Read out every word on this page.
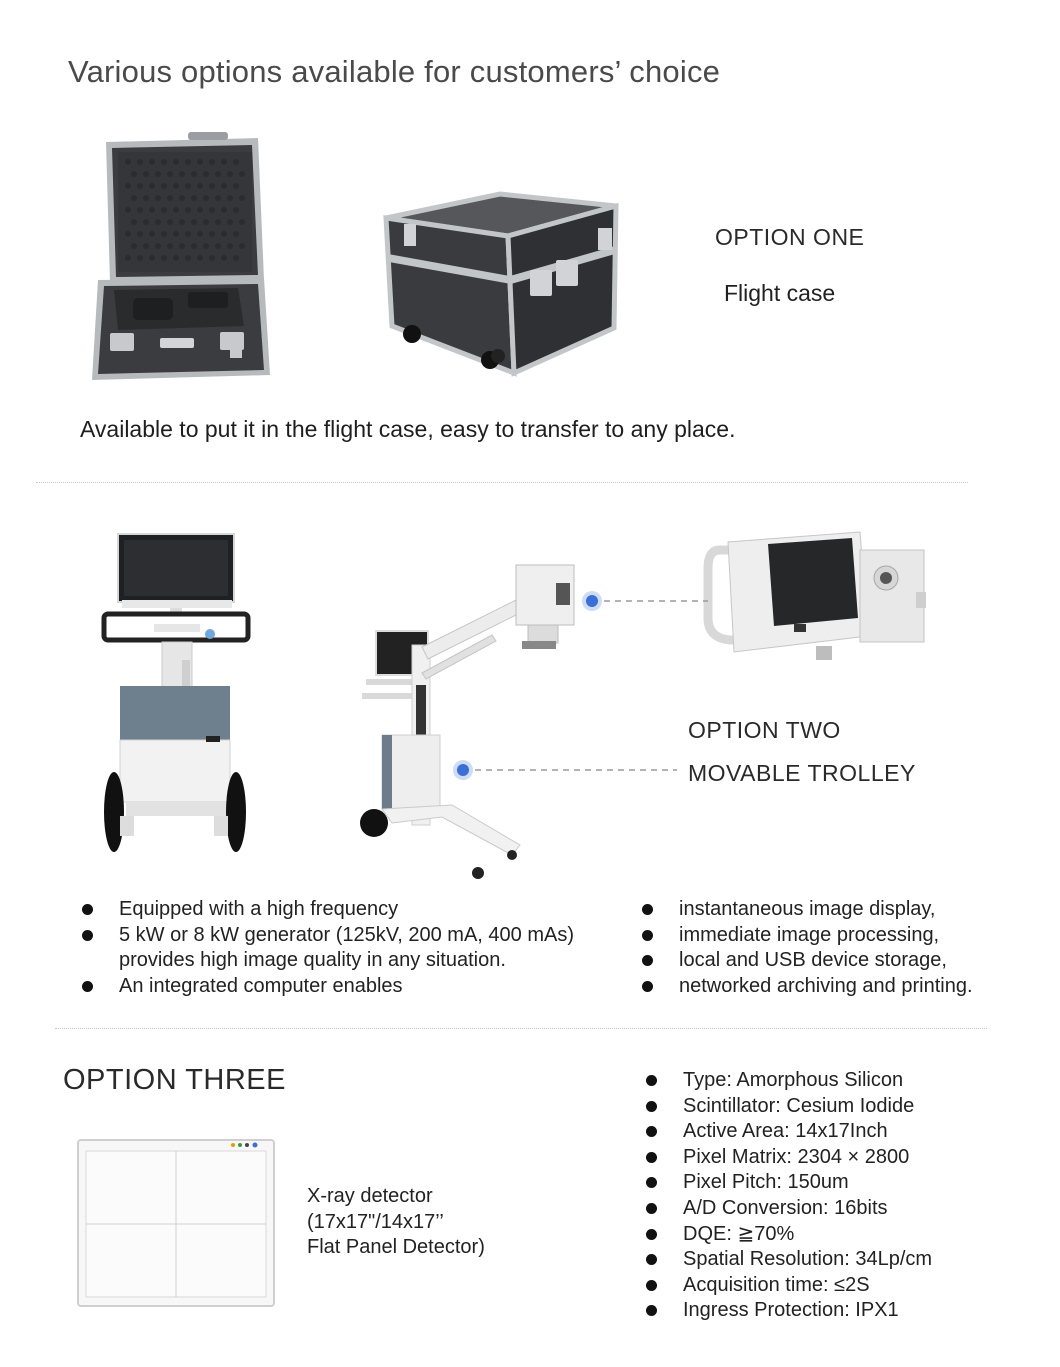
Various options available for customers’ choice
OPTION ONE
Flight case
Available to put it in the flight case, easy to transfer to any place.
OPTION TWO
MOVABLE TROLLEY
Equipped with a high frequency
5 kW or 8 kW generator (125kV, 200 mA, 400 mAs)
provides high image quality in any situation.
An integrated computer enables
instantaneous image display,
immediate image processing,
local and USB device storage,
networked archiving and printing.
OPTION THREE
X-ray detector
(17x17"/14x17’’
Flat Panel Detector)
Type: Amorphous Silicon
Scintillator: Cesium Iodide
Active Area: 14x17Inch
Pixel Matrix: 2304 × 2800
Pixel Pitch: 150um
A/D Conversion: 16bits
DQE: ≧70%
Spatial Resolution: 34Lp/cm
Acquisition time: ≤2S
Ingress Protection: IPX1
